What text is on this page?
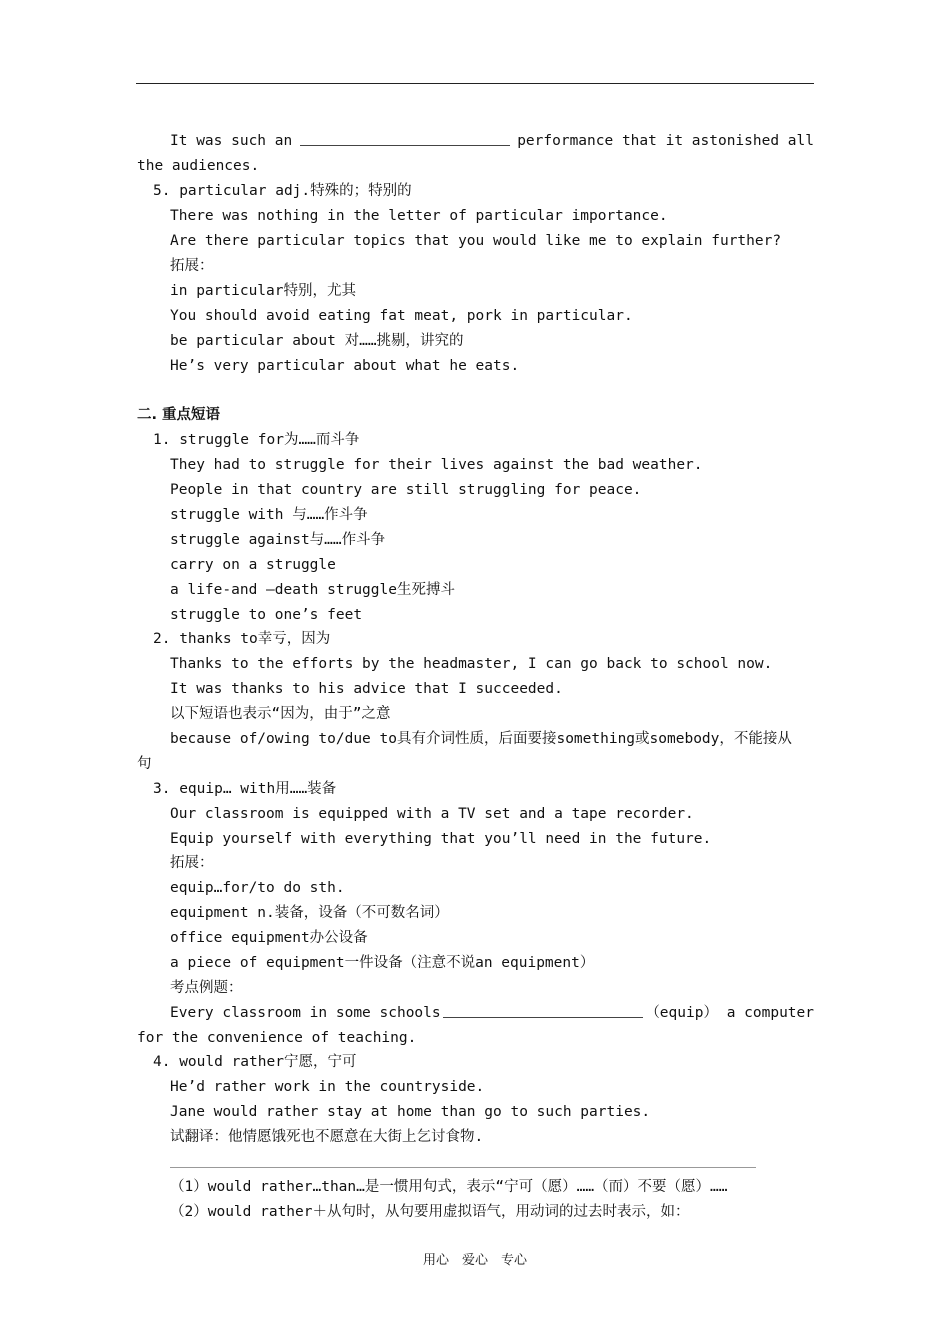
It was such an	performance that it astonished all
the audiences.
5. particular adj.特殊的；特别的
There was nothing in the letter of particular importance.
Are there particular topics that you would like me to explain further?
拓展：
in particular特别，尤其
You should avoid eating fat meat, pork in particular.
be particular about 对……挑剔，讲究的
He’s very particular about what he eats.
二. 重点短语
1. struggle for为……而斗争
They had to struggle for their lives against the bad weather.
People in that country are still struggling for peace.
struggle with 与……作斗争
struggle against与……作斗争
carry on a struggle
a life-and –death struggle生死搏斗
struggle to one’s feet
2. thanks to幸亏，因为
Thanks to the efforts by the headmaster, I can go back to school now.
It was thanks to his advice that I succeeded.
以下短语也表示“因为，由于”之意
because of/owing to/due to具有介词性质，后面要接something或somebody，不能接从
句
3. equip… with用……装备
Our classroom is equipped with a TV set and a tape recorder.
Equip yourself with everything that you’ll need in the future.
拓展：
equip…for/to do sth.
equipment n.装备，设备（不可数名词）
office equipment办公设备
a piece of equipment一件设备（注意不说an equipment）
考点例题：
Every classroom in some schools	（equip） a computer
for the convenience of teaching.
4. would rather宁愿，宁可
He’d rather work in the countryside.
Jane would rather stay at home than go to such parties.
试翻译：他情愿饿死也不愿意在大街上乞讨食物.
（1）would rather…than…是一惯用句式，表示“宁可（愿）……（而）不要（愿）……
（2）would rather＋从句时，从句要用虚拟语气，用动词的过去时表示，如：
用心　爱心　专心
